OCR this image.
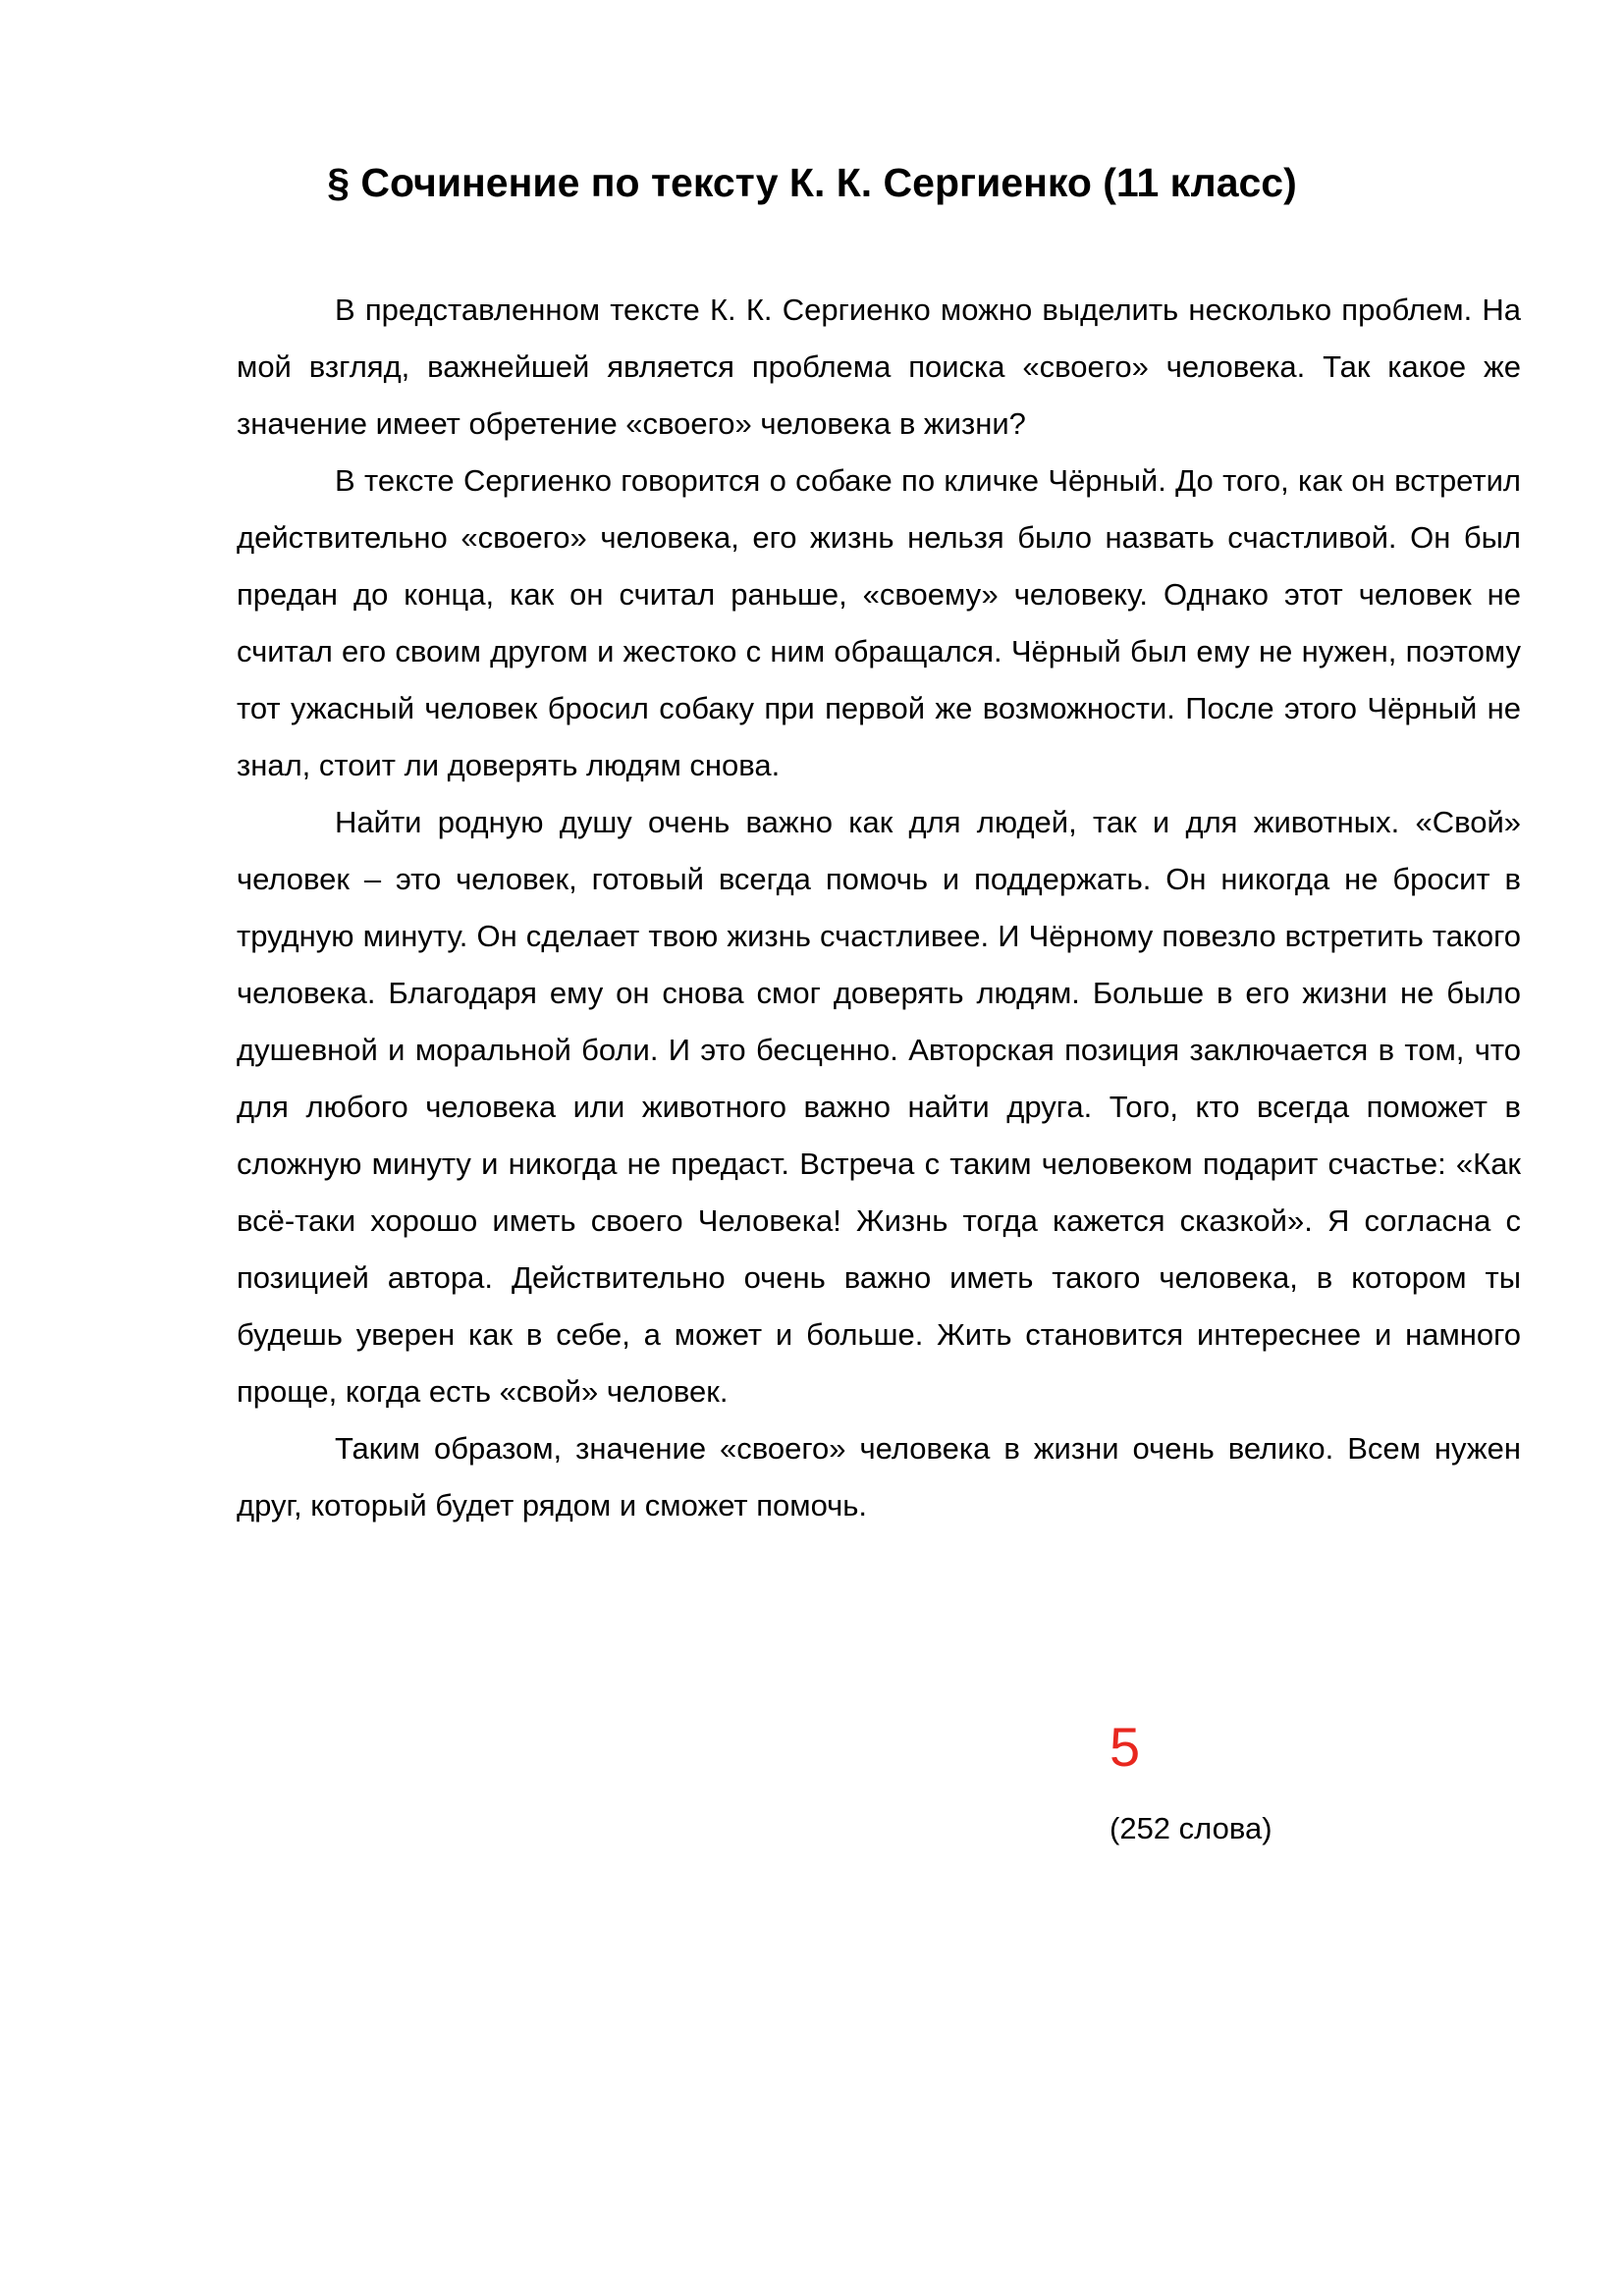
§ Сочинение по тексту К. К. Сергиенко (11 класс)

В представленном тексте К. К. Сергиенко можно выделить несколько проблем. На мой взгляд, важнейшей является проблема поиска «своего» человека. Так какое же значение имеет обретение «своего» человека в жизни?

В тексте Сергиенко говорится о собаке по кличке Чёрный. До того, как он встретил действительно «своего» человека, его жизнь нельзя было назвать счастливой. Он был предан до конца, как он считал раньше, «своему» человеку. Однако этот человек не считал его своим другом и жестоко с ним обращался. Чёрный был ему не нужен, поэтому тот ужасный человек бросил собаку при первой же возможности. После этого Чёрный не знал, стоит ли доверять людям снова.

Найти родную душу очень важно как для людей, так и для животных. «Свой» человек – это человек, готовый всегда помочь и поддержать. Он никогда не бросит в трудную минуту. Он сделает твою жизнь счастливее. И Чёрному повезло встретить такого человека. Благодаря ему он снова смог доверять людям. Больше в его жизни не было душевной и моральной боли. И это бесценно. Авторская позиция заключается в том, что для любого человека или животного важно найти друга. Того, кто всегда поможет в сложную минуту и никогда не предаст. Встреча с таким человеком подарит счастье: «Как всё-таки хорошо иметь своего Человека! Жизнь тогда кажется сказкой». Я согласна с позицией автора. Действительно очень важно иметь такого человека, в котором ты будешь уверен как в себе, а может и больше. Жить становится интереснее и намного проще, когда есть «свой» человек.

Таким образом, значение «своего» человека в жизни очень велико. Всем нужен друг, который будет рядом и сможет помочь.

5
(252 слова)
